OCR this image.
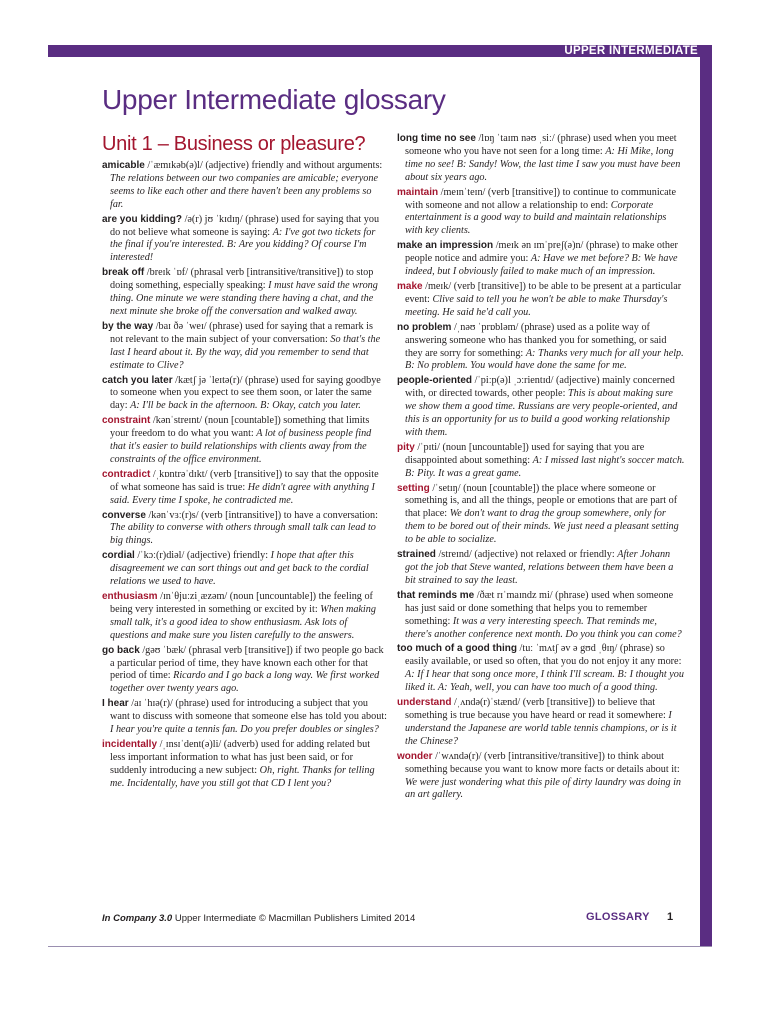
UPPER INTERMEDIATE
Upper Intermediate glossary
Unit 1 – Business or pleasure?
amicable /ˈæmɪkəb(ə)l/ (adjective) friendly and without arguments: The relations between our two companies are amicable; everyone seems to like each other and there haven't been any problems so far.
are you kidding? /ə(r) jʊ ˈkɪdɪŋ/ (phrase) used for saying that you do not believe what someone is saying: A: I've got two tickets for the final if you're interested. B: Are you kidding? Of course I'm interested!
break off /breɪk ˈɒf/ (phrasal verb [intransitive/transitive]) to stop doing something, especially speaking: I must have said the wrong thing. One minute we were standing there having a chat, and the next minute she broke off the conversation and walked away.
by the way /baɪ ðə ˈweɪ/ (phrase) used for saying that a remark is not relevant to the main subject of your conversation: So that's the last I heard about it. By the way, did you remember to send that estimate to Clive?
catch you later /kætʃ jə ˈleɪtə(r)/ (phrase) used for saying goodbye to someone when you expect to see them soon, or later the same day: A: I'll be back in the afternoon. B: Okay, catch you later.
constraint /kənˈstreɪnt/ (noun [countable]) something that limits your freedom to do what you want: A lot of business people find that it's easier to build relationships with clients away from the constraints of the office environment.
contradict /ˌkɒntrəˈdɪkt/ (verb [transitive]) to say that the opposite of what someone has said is true: He didn't agree with anything I said. Every time I spoke, he contradicted me.
converse /kənˈvɜː(r)s/ (verb [intransitive]) to have a conversation: The ability to converse with others through small talk can lead to big things.
cordial /ˈkɔː(r)diəl/ (adjective) friendly: I hope that after this disagreement we can sort things out and get back to the cordial relations we used to have.
enthusiasm /ɪnˈθjuːziˌæzəm/ (noun [uncountable]) the feeling of being very interested in something or excited by it: When making small talk, it's a good idea to show enthusiasm. Ask lots of questions and make sure you listen carefully to the answers.
go back /gəʊ ˈbæk/ (phrasal verb [transitive]) if two people go back a particular period of time, they have known each other for that period of time: Ricardo and I go back a long way. We first worked together over twenty years ago.
I hear /aɪ ˈhɪə(r)/ (phrase) used for introducing a subject that you want to discuss with someone that someone else has told you about: I hear you're quite a tennis fan. Do you prefer doubles or singles?
incidentally /ˌɪnsɪˈdent(ə)li/ (adverb) used for adding related but less important information to what has just been said, or for suddenly introducing a new subject: Oh, right. Thanks for telling me. Incidentally, have you still got that CD I lent you?
long time no see /lɒŋ ˈtaɪm nəʊ ˌsiː/ (phrase) used when you meet someone who you have not seen for a long time: A: Hi Mike, long time no see! B: Sandy! Wow, the last time I saw you must have been about six years ago.
maintain /meɪnˈteɪn/ (verb [transitive]) to continue to communicate with someone and not allow a relationship to end: Corporate entertainment is a good way to build and maintain relationships with key clients.
make an impression /meɪk ən ɪmˈpreʃ(ə)n/ (phrase) to make other people notice and admire you: A: Have we met before? B: We have indeed, but I obviously failed to make much of an impression.
make /meɪk/ (verb [transitive]) to be able to be present at a particular event: Clive said to tell you he won't be able to make Thursday's meeting. He said he'd call you.
no problem /ˌnəʊ ˈprɒbləm/ (phrase) used as a polite way of answering someone who has thanked you for something, or said they are sorry for something: A: Thanks very much for all your help. B: No problem. You would have done the same for me.
people-oriented /ˈpiːp(ə)l ˌɔːrientɪd/ (adjective) mainly concerned with, or directed towards, other people: This is about making sure we show them a good time. Russians are very people-oriented, and this is an opportunity for us to build a good working relationship with them.
pity /ˈpɪti/ (noun [uncountable]) used for saying that you are disappointed about something: A: I missed last night's soccer match. B: Pity. It was a great game.
setting /ˈsetɪŋ/ (noun [countable]) the place where someone or something is, and all the things, people or emotions that are part of that place: We don't want to drag the group somewhere, only for them to be bored out of their minds. We just need a pleasant setting to be able to socialize.
strained /streɪnd/ (adjective) not relaxed or friendly: After Johann got the job that Steve wanted, relations between them have been a bit strained to say the least.
that reminds me /ðæt rɪˈmaɪndz mi/ (phrase) used when someone has just said or done something that helps you to remember something: It was a very interesting speech. That reminds me, there's another conference next month. Do you think you can come?
too much of a good thing /tuː ˈmʌtʃ əv ə gʊd ˌθɪŋ/ (phrase) so easily available, or used so often, that you do not enjoy it any more: A: If I hear that song once more, I think I'll scream. B: I thought you liked it. A: Yeah, well, you can have too much of a good thing.
understand /ˌʌndə(r)ˈstænd/ (verb [transitive]) to believe that something is true because you have heard or read it somewhere: I understand the Japanese are world table tennis champions, or is it the Chinese?
wonder /ˈwʌndə(r)/ (verb [intransitive/transitive]) to think about something because you want to know more facts or details about it: We were just wondering what this pile of dirty laundry was doing in an art gallery.
In Company 3.0 Upper Intermediate © Macmillan Publishers Limited 2014	GLOSSARY 1
